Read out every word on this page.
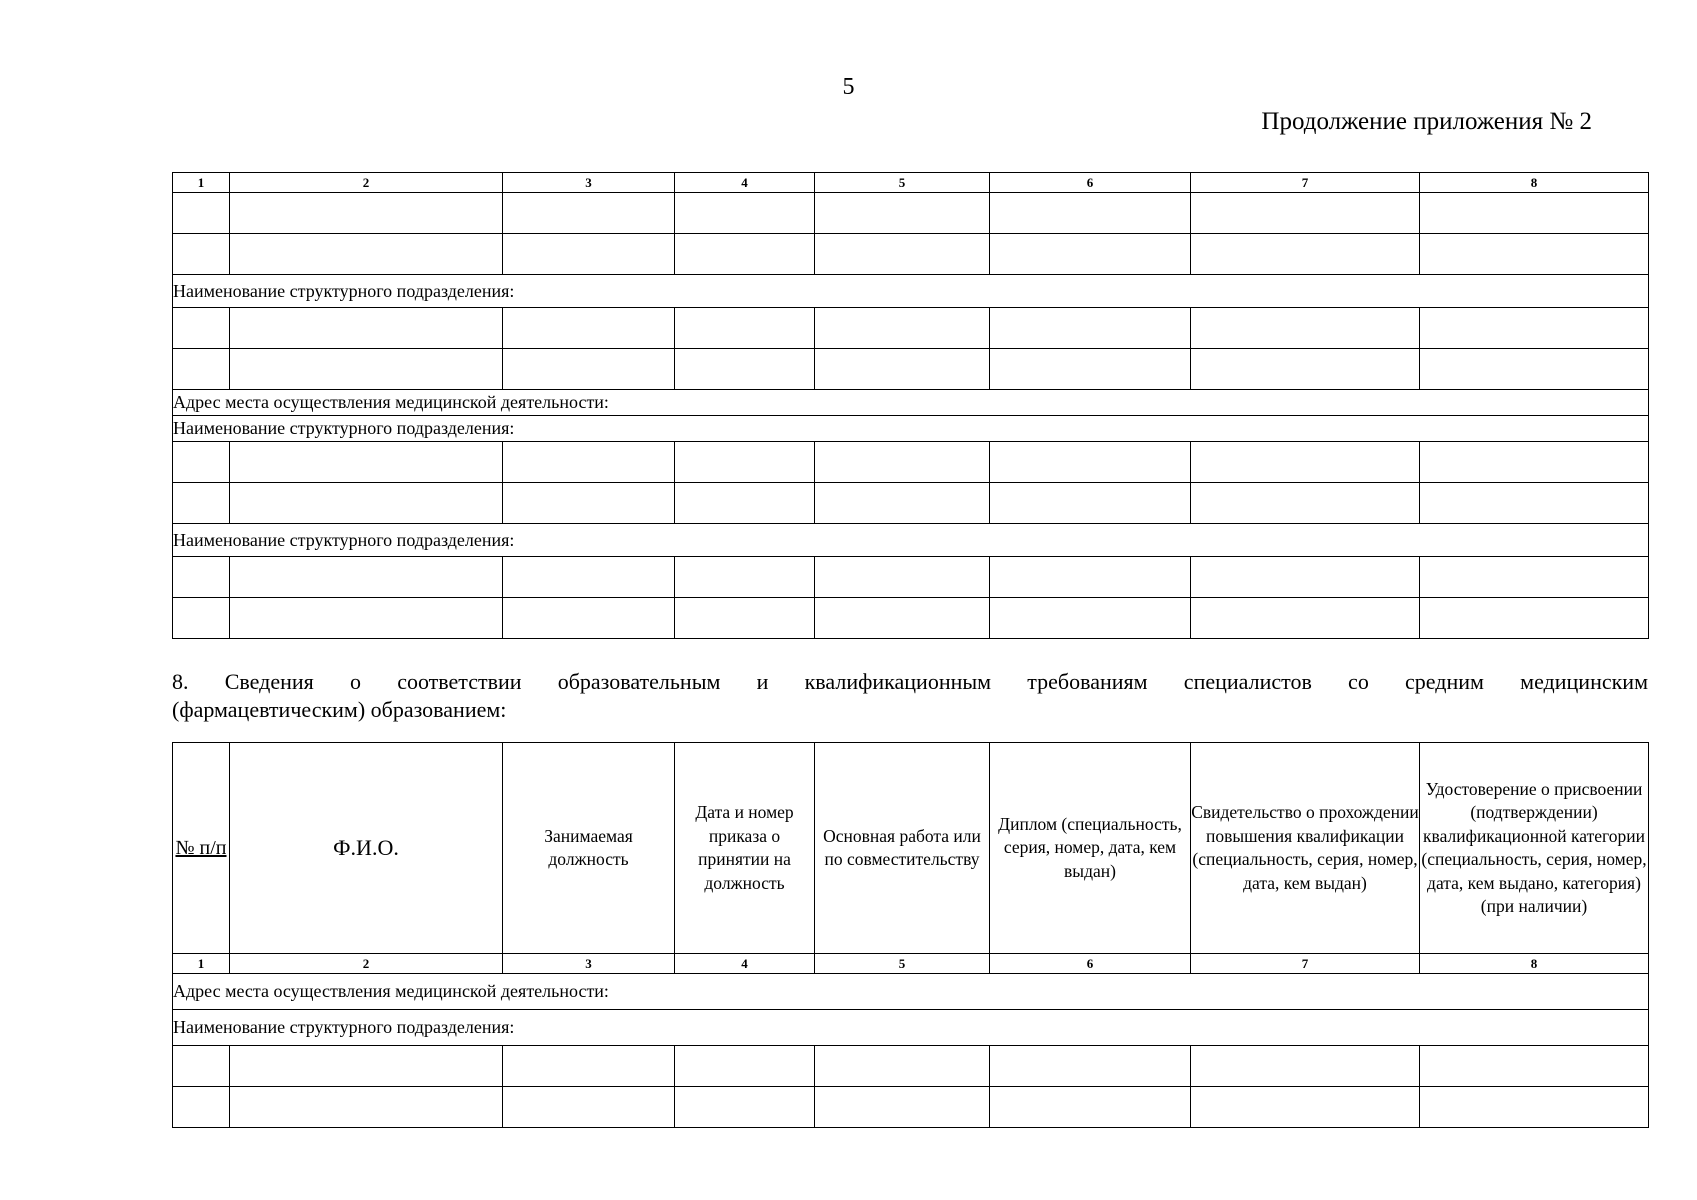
5
Продолжение приложения № 2
1	2	3	4	5	6	7	8

Наименование структурного подразделения:							

Адрес места осуществления медицинской деятельности:							
Наименование структурного подразделения:							

Наименование структурного подразделения:							

8. Сведения о соответствии образовательным и квалификационным требованиям специалистов со средним медицинским
(фармацевтическим) образованием:
№ п/п	Ф.И.О.	Занимаемая должность	Дата и номер приказа о принятии на должность	Основная работа или по совместительству	Диплом (специальность, серия, номер, дата, кем выдан)	Свидетельство о прохождении повышения квалификации (специальность, серия, номер, дата, кем выдан)	Удостоверение о присвоении (подтверждении) квалификационной категории (специальность, серия, номер, дата, кем выдано, категория) (при наличии)
1	2	3	4	5	6	7	8
Адрес места осуществления медицинской деятельности:							
Наименование структурного подразделения:							
